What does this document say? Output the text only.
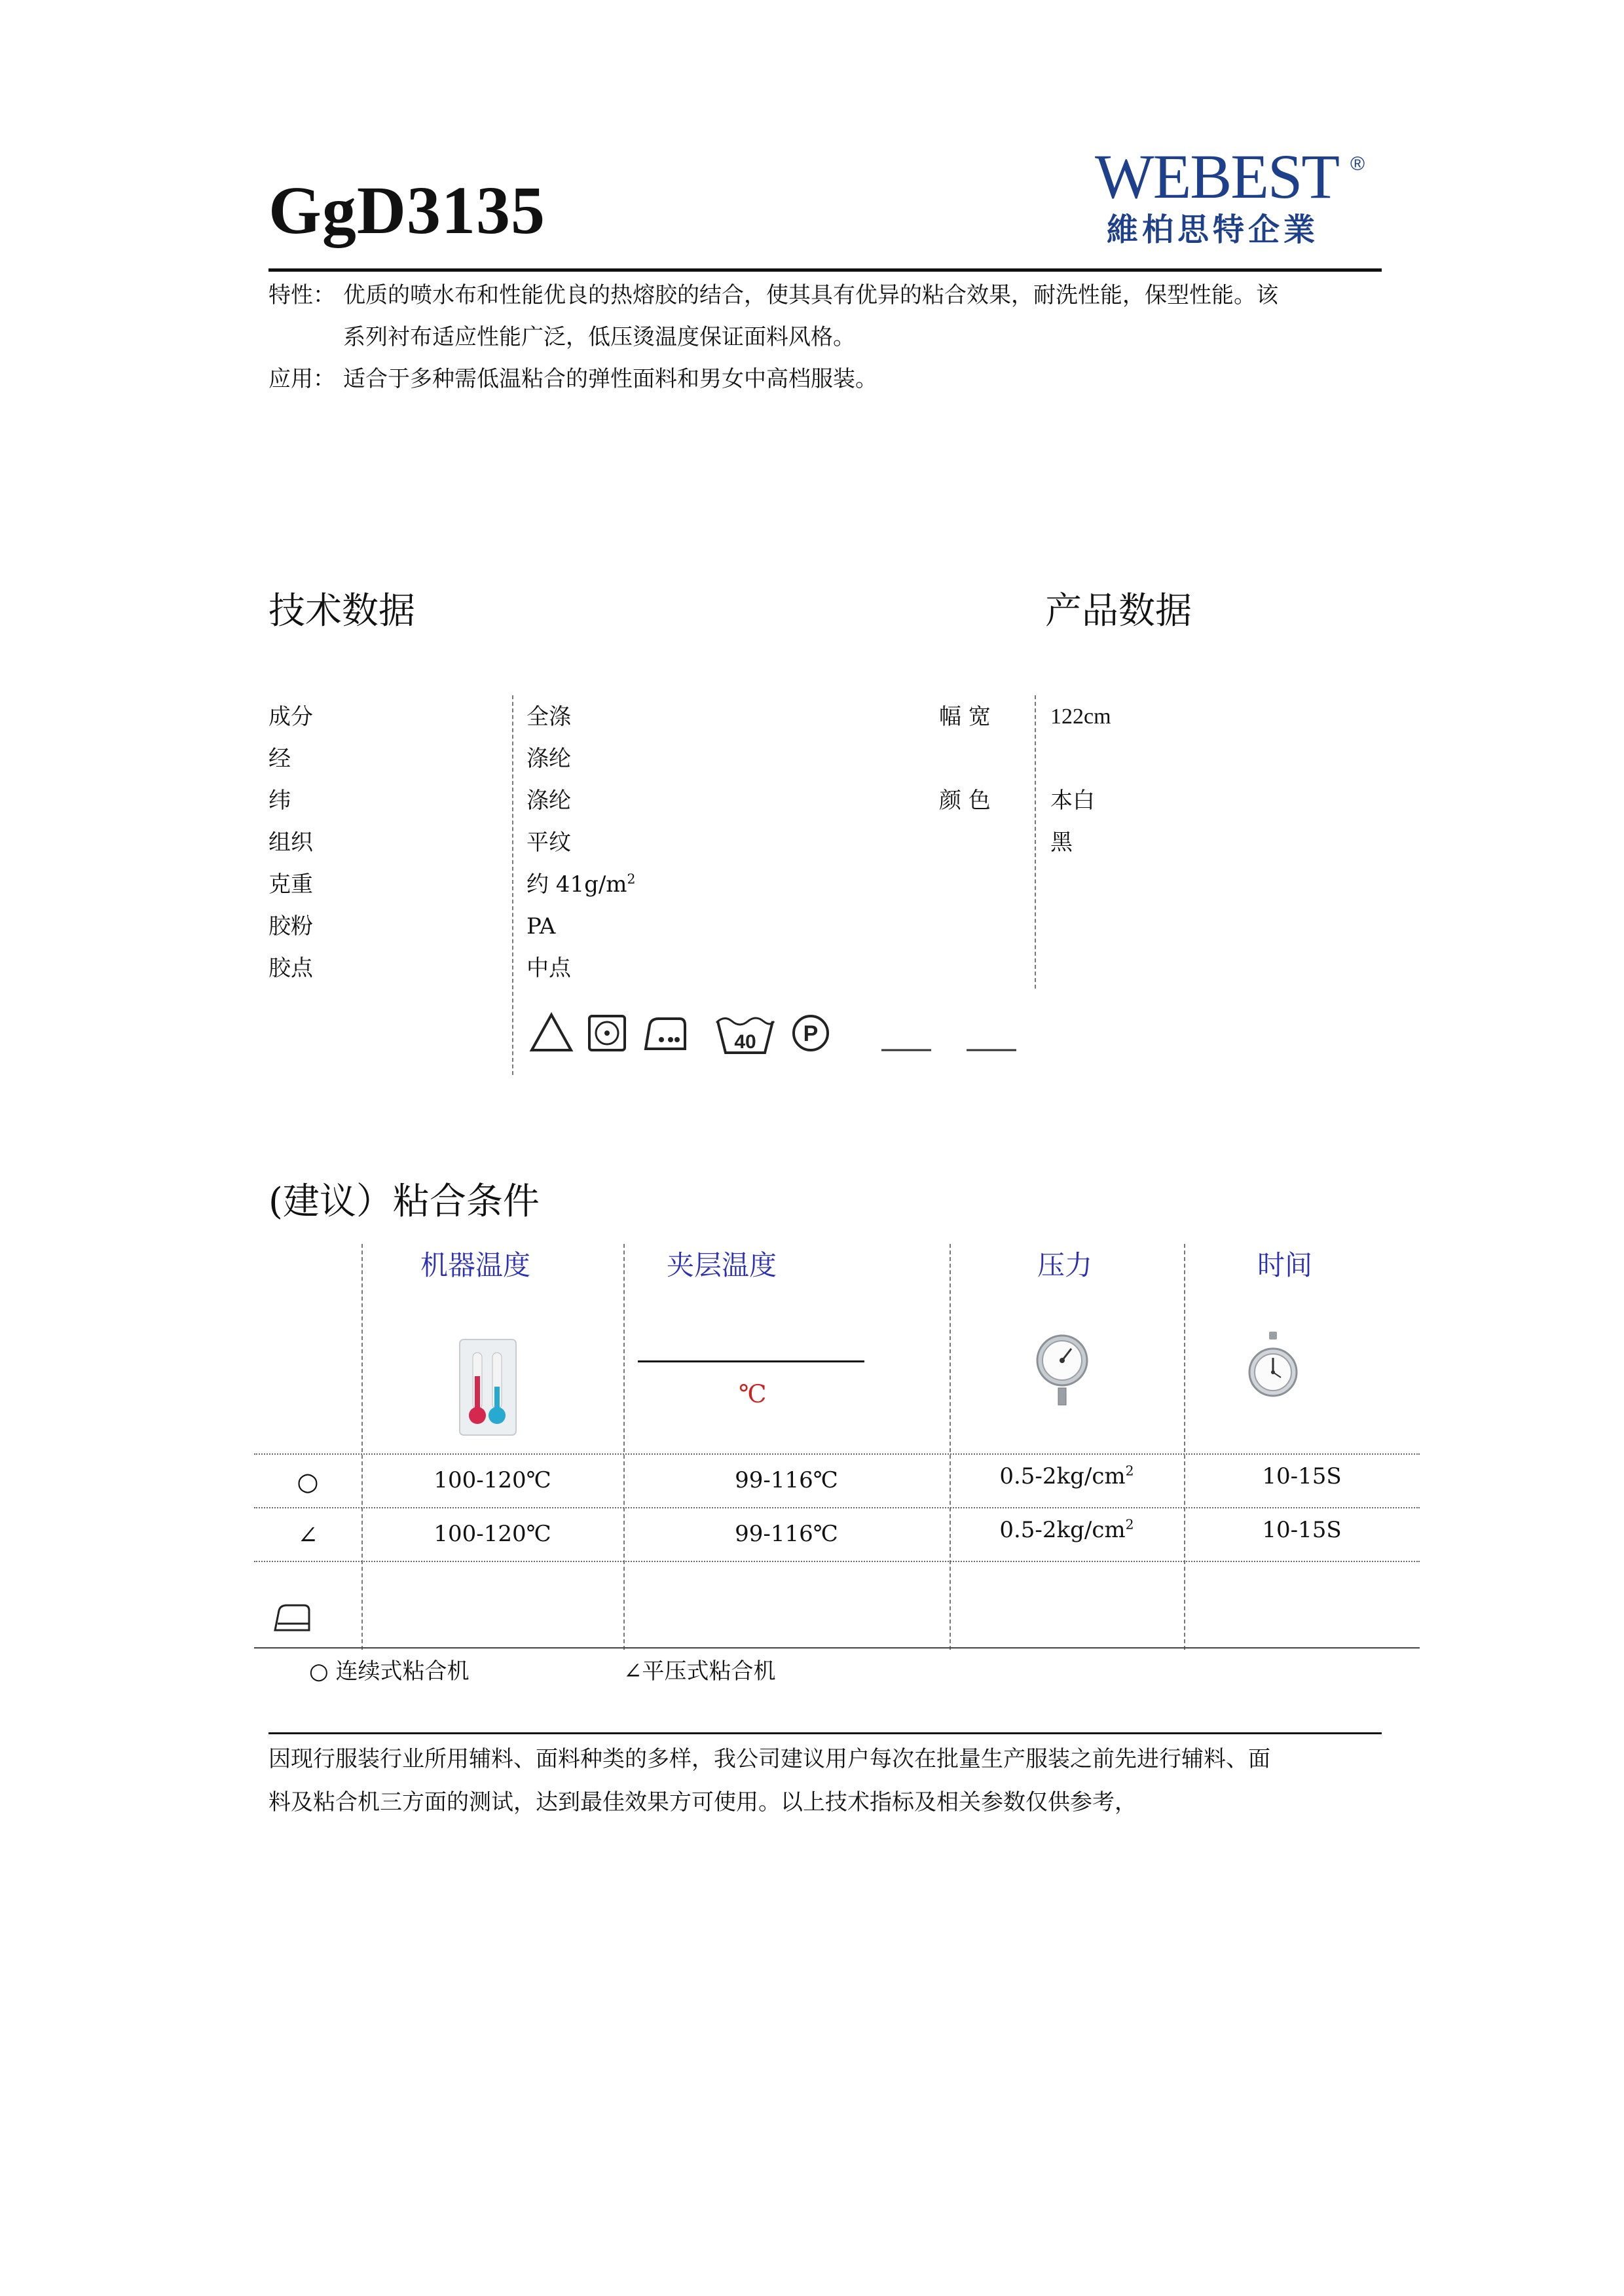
GgD3135	WEBEST ®
維柏思特企業
特性： 优质的喷水布和性能优良的热熔胶的结合，使其具有优异的粘合效果，耐洗性能，保型性能。该
系列衬布适应性能广泛，低压烫温度保证面料风格。
应用： 适合于多种需低温粘合的弹性面料和男女中高档服装。
技术数据	产品数据
成分	全涤
经	涤纶
纬	涤纶
组织	平纹
克重	约 $41g/m^2$
胶粉	PA
胶点	中点
幅 宽	122cm
颜 色	本白
黑
40 P
(建议）粘合条件
机器温度	夹层温度	压力	时间
℃
○	100-120℃	99-116℃	$0.5-2kg/cm^2$	10-15S
∠	100-120℃	99-116℃	$0.5-2kg/cm^2$	10-15S
○ 连续式粘合机	∠平压式粘合机
因现行服装行业所用辅料、面料种类的多样，我公司建议用户每次在批量生产服装之前先进行辅料、面
料及粘合机三方面的测试，达到最佳效果方可使用。以上技术指标及相关参数仅供参考，
